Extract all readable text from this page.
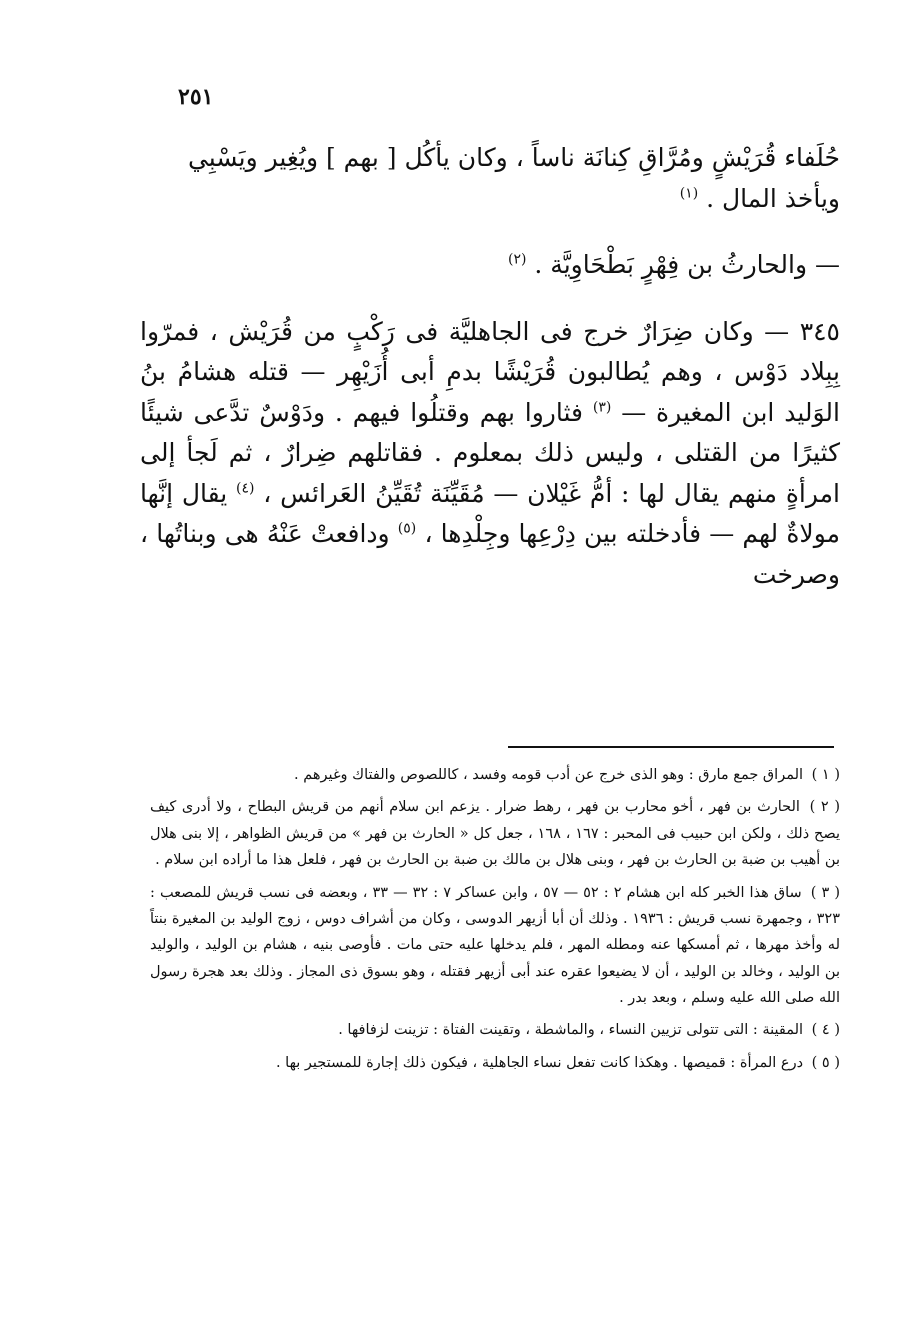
٢٥١

حُلَفاء قُرَيْشٍ ومُرَّاقِ كِنانَة ناساً ، وكان يأكُل [ بهم ] ويُغِير ويَسْبِي ويأخذ المال . $^{(١)}$

— والحارثُ بن فِهْرٍ بَطْحَاوِيَّة . $^{(٢)}$

٣٤٥ — وكان ضِرَارٌ خرج فى الجاهليَّة فى رَكْبٍ من قُرَيْش ، فمرّوا بِبِلاد دَوْس ، وهم يُطالبون قُرَيْشًا بدمِ أبى أُزَيْهِر — قتله هشامُ بنُ الوَليد ابن المغيرة — $^{(٣)}$ فثاروا بهم وقتلُوا فيهم . ودَوْسٌ تدَّعى شيئًا كثيرًا من القتلى ، وليس ذلك بمعلوم . فقاتلهم ضِرارٌ ، ثم لَجأ إلى امرأةٍ منهم يقال لها : أمُّ غَيْلان — مُقَيِّنَة تُقَيِّنُ العَرائس ، $^{(٤)}$ يقال إنَّها مولاةٌ لهم — فأدخلته بين دِرْعِها وجِلْدِها ، $^{(٥)}$ ودافعتْ عَنْهُ هى وبناتُها ، وصرخت

( ١ ) المراق جمع مارق : وهو الذى خرج عن أدب قومه وفسد ، كاللصوص والفتاك وغيرهم .

( ٢ ) الحارث بن فهر ، أخو محارب بن فهر ، رهط ضرار . يزعم ابن سلام أنهم من قريش البطاح ، ولا أدرى كيف يصح ذلك ، ولكن ابن حبيب فى المحبر : ١٦٧ ، ١٦٨ ، جعل كل « الحارث بن فهر » من قريش الظواهر ، إلا بنى هلال بن أهيب بن ضبة بن الحارث بن فهر ، وبنى هلال بن مالك بن ضبة بن الحارث بن فهر ، فلعل هذا ما أراده ابن سلام .

( ٣ ) ساق هذا الخبر كله ابن هشام ٢ : ٥٢ — ٥٧ ، وابن عساكر ٧ : ٣٢ — ٣٣ ، وبعضه فى نسب قريش للمصعب : ٣٢٣ ، وجمهرة نسب قريش : ١٩٣٦ . وذلك أن أبا أزيهر الدوسى ، وكان من أشراف دوس ، زوج الوليد بن المغيرة بنتاً له وأخذ مهرها ، ثم أمسكها عنه ومطله المهر ، فلم يدخلها عليه حتى مات . فأوصى بنيه ، هشام بن الوليد ، والوليد بن الوليد ، وخالد بن الوليد ، أن لا يضيعوا عقره عند أبى أزيهر فقتله ، وهو بسوق ذى المجاز . وذلك بعد هجرة رسول الله صلى الله عليه وسلم ، وبعد بدر .

( ٤ ) المقينة : التى تتولى تزيين النساء ، والماشطة ، وتقينت الفتاة : تزينت لزفافها .

( ٥ ) درع المرأة : قميصها . وهكذا كانت تفعل نساء الجاهلية ، فيكون ذلك إجارة للمستجير بها .
